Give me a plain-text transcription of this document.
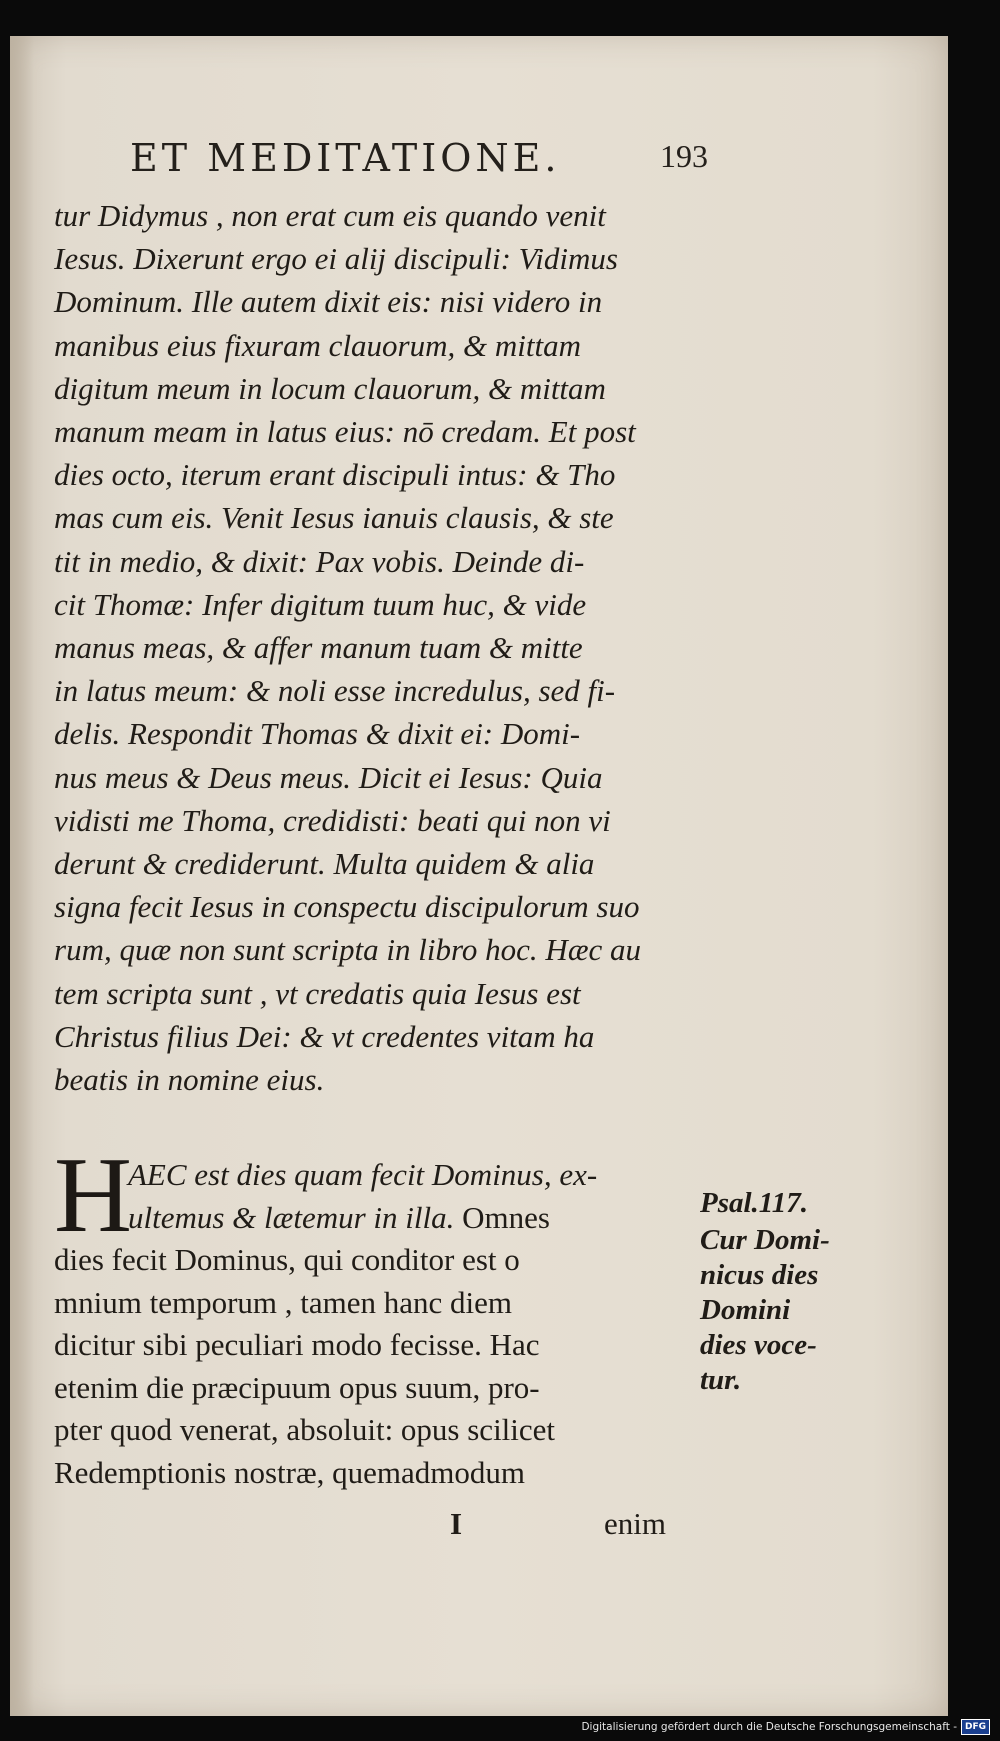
ET MEDITATIONE.	193
tur Didymus , non erat cum eis quando venit
Iesus. Dixerunt ergo ei alij discipuli: Vidimus
Dominum. Ille autem dixit eis: nisi videro in
manibus eius fixuram clauorum, & mittam
digitum meum in locum clauorum, & mittam
manum meam in latus eius: nō credam. Et post
dies octo, iterum erant discipuli intus: & Tho
mas cum eis. Venit Iesus ianuis clausis, & ste
tit in medio, & dixit: Pax vobis. Deinde di-
cit Thomæ: Infer digitum tuum huc, & vide
manus meas, & affer manum tuam & mitte
in latus meum: & noli esse incredulus, sed fi-
delis. Respondit Thomas & dixit ei: Domi-
nus meus & Deus meus. Dicit ei Iesus: Quia
vidisti me Thoma, credidisti: beati qui non vi
derunt & crediderunt. Multa quidem & alia
signa fecit Iesus in conspectu discipulorum suo
rum, quæ non sunt scripta in libro hoc. Hæc au
tem scripta sunt , vt credatis quia Iesus est
Christus filius Dei: & vt credentes vitam ha
beatis in nomine eius.
H
AEC est dies quam fecit Dominus, ex-
ultemus & lætemur in illa. Omnes
dies fecit Dominus, qui conditor est o
mnium temporum , tamen hanc diem
dicitur sibi peculiari modo fecisse. Hac
etenim die præcipuum opus suum, pro-
pter quod venerat, absoluit: opus scilicet
Redemptionis nostræ, quemadmodum
Psal.117.
Cur Domi-
nicus dies
Domini
dies voce-
tur.
I	enim
Digitalisierung gefördert durch die Deutsche Forschungsgemeinschaft - DFG
